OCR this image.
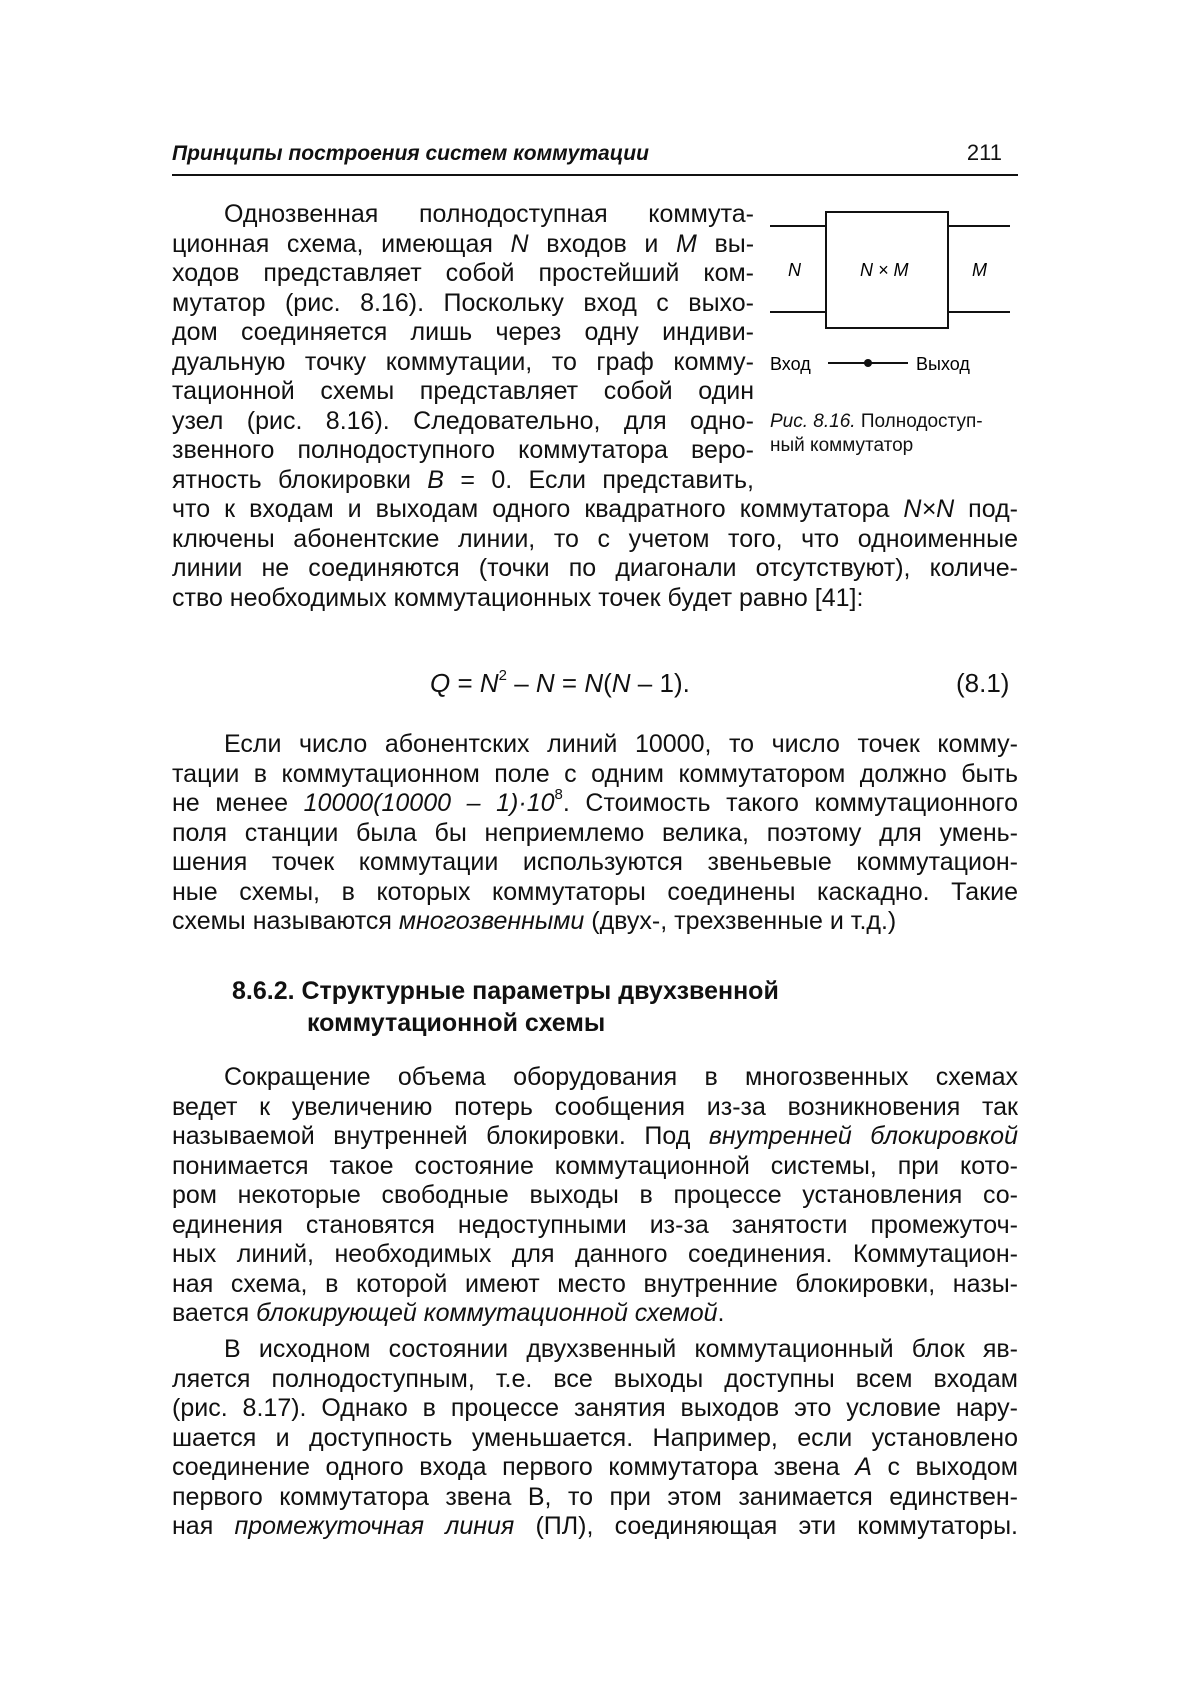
Принципы построения систем коммутации	211
Однозвенная полнодоступная коммута-
ционная схема, имеющая N входов и M вы-
ходов представляет собой простейший ком-
мутатор (рис. 8.16). Поскольку вход с выхо-
дом соединяется лишь через одну индиви-
дуальную точку коммутации, то граф комму-
тационной схемы представляет собой один
узел (рис. 8.16). Следовательно, для одно-
звенного полнодоступного коммутатора веро-
ятность блокировки B = 0. Если представить,
что к входам и выходам одного квадратного коммутатора N×N под-
ключены абонентские линии, то с учетом того, что одноименные
линии не соединяются (точки по диагонали отсутствуют), количе-
ство необходимых коммутационных точек будет равно [41]:
N	N × M	M
Вход	Выход
Рис. 8.16. Полнодоступ-
ный коммутатор
$Q = N^2 - N = N(N - 1)$.	(8.1)
Если число абонентских линий 10000, то число точек комму-
тации в коммутационном поле с одним коммутатором должно быть
не менее $10000(10000 - 1)\cdot 10^8$. Стоимость такого коммутационного
поля станции была бы неприемлемо велика, поэтому для умень-
шения точек коммутации используются звеньевые коммутацион-
ные схемы, в которых коммутаторы соединены каскадно. Такие
схемы называются многозвенными (двух-, трехзвенные и т.д.)
8.6.2. Структурные параметры двухзвенной
коммутационной схемы
Сокращение объема оборудования в многозвенных схемах
ведет к увеличению потерь сообщения из-за возникновения так
называемой внутренней блокировки. Под внутренней блокировкой
понимается такое состояние коммутационной системы, при кото-
ром некоторые свободные выходы в процессе установления со-
единения становятся недоступными из-за занятости промежуточ-
ных линий, необходимых для данного соединения. Коммутацион-
ная схема, в которой имеют место внутренние блокировки, назы-
вается блокирующей коммутационной схемой.
В исходном состоянии двухзвенный коммутационный блок яв-
ляется полнодоступным, т.е. все выходы доступны всем входам
(рис. 8.17). Однако в процессе занятия выходов это условие нару-
шается и доступность уменьшается. Например, если установлено
соединение одного входа первого коммутатора звена A с выходом
первого коммутатора звена В, то при этом занимается единствен-
ная промежуточная линия (ПЛ), соединяющая эти коммутаторы.
